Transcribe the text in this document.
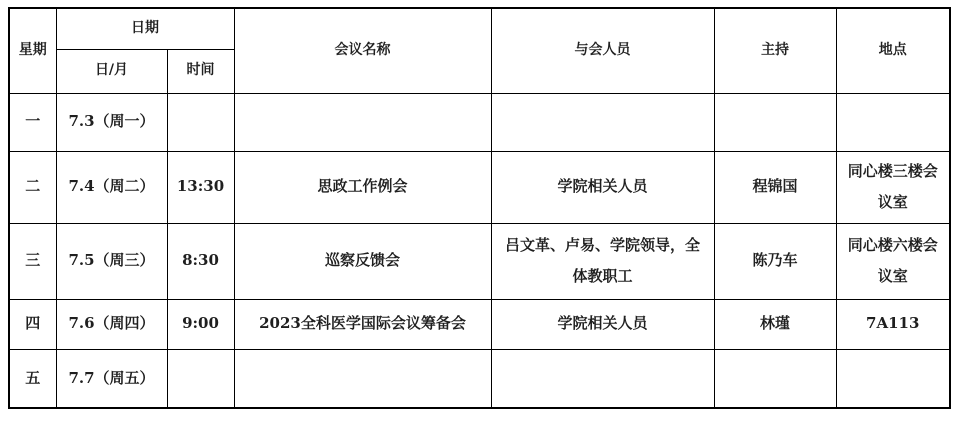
星期	日期		会议名称	与会人员	主持	地点
	日/月	时间				
一	7.3（周一）					
二	7.4（周二）	13:30	思政工作例会	学院相关人员	程锦国	同心楼三楼会议室
三	7.5（周三）	8:30	巡察反馈会	吕文革、卢易、学院领导，全体教职工	陈乃车	同心楼六楼会议室
四	7.6（周四）	9:00	2023全科医学国际会议筹备会	学院相关人员	林瑾	7A113
五	7.7（周五）					
